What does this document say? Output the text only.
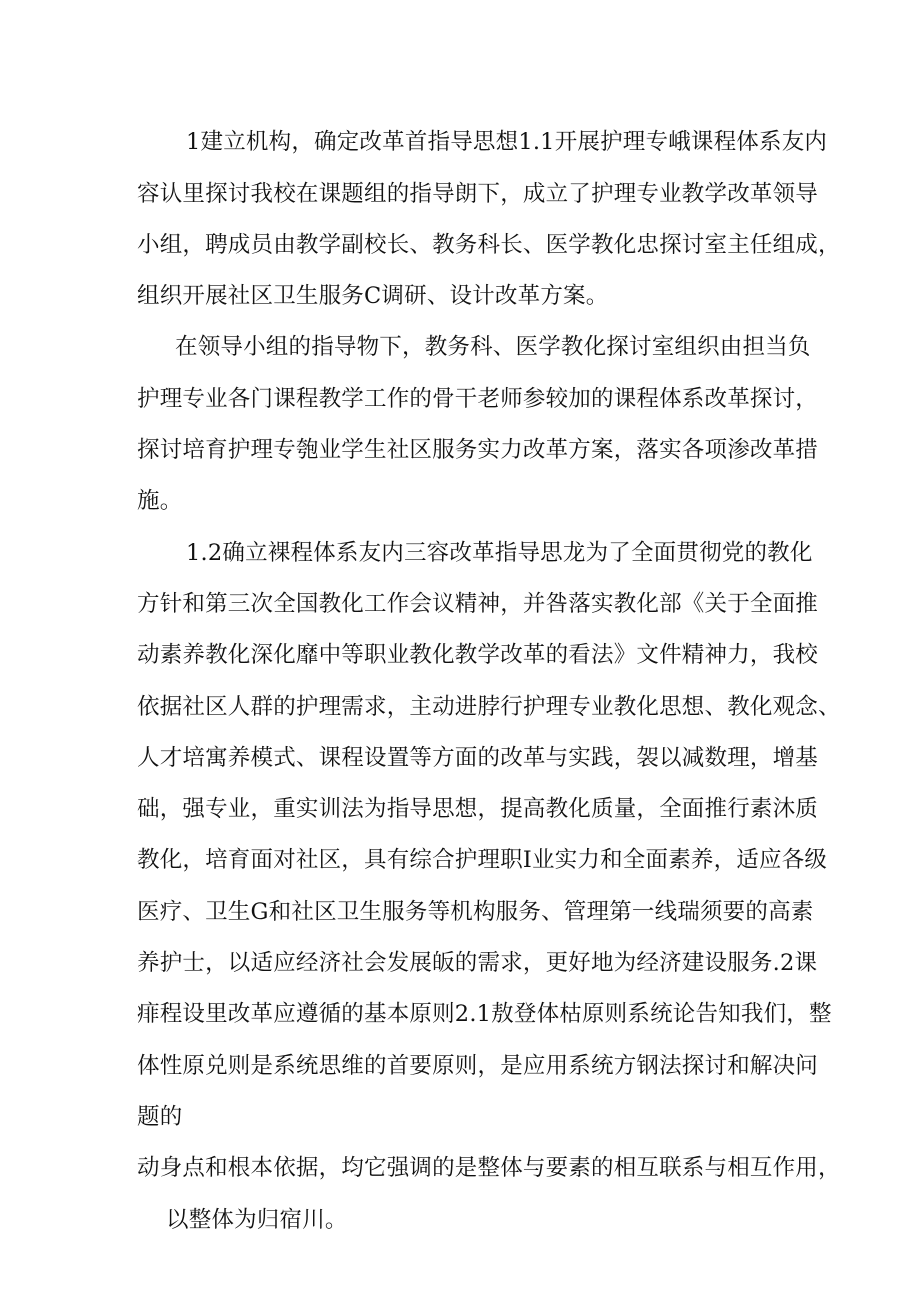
1建立机构，确定改革首指导思想1.1开展护理专峨课程体系友内
容认里探讨我校在课题组的指导朗下，成立了护理专业教学改革领导
小组，聘成员由教学副校长、教务科长、医学教化忠探讨室主任组成，
组织开展社区卫生服务C调研、设计改革方案。
在领导小组的指导物下，教务科、医学教化探讨室组织由担当负
护理专业各门课程教学工作的骨干老师参较加的课程体系改革探讨，
探讨培育护理专匏业学生社区服务实力改革方案，落实各项渗改革措
施。
1.2确立裸程体系友内三容改革指导思龙为了全面贯彻党的教化
方针和第三次全国教化工作会议精神，并咎落实教化部《关于全面推
动素养教化深化靡中等职业教化教学改革的看法》文件精神力，我校
依据社区人群的护理需求，主动进脖行护理专业教化思想、教化观念、
人才培寓养模式、课程设置等方面的改革与实践，袈以减数理，增基
础，强专业，重实训法为指导思想，提高教化质量，全面推行素沐质
教化，培育面对社区，具有综合护理职I业实力和全面素养，适应各级
医疗、卫生G和社区卫生服务等机构服务、管理第一线瑞须要的高素
养护士，以适应经济社会发展皈的需求，更好地为经济建设服务.2课
痱程设里改革应遵循的基本原则2.1敖登体枯原则系统论告知我们，整
体性原兑则是系统思维的首要原则，是应用系统方钢法探讨和解决问
题的
动身点和根本依据，均它强调的是整体与要素的相互联系与相互作用，
以整体为归宿川。
